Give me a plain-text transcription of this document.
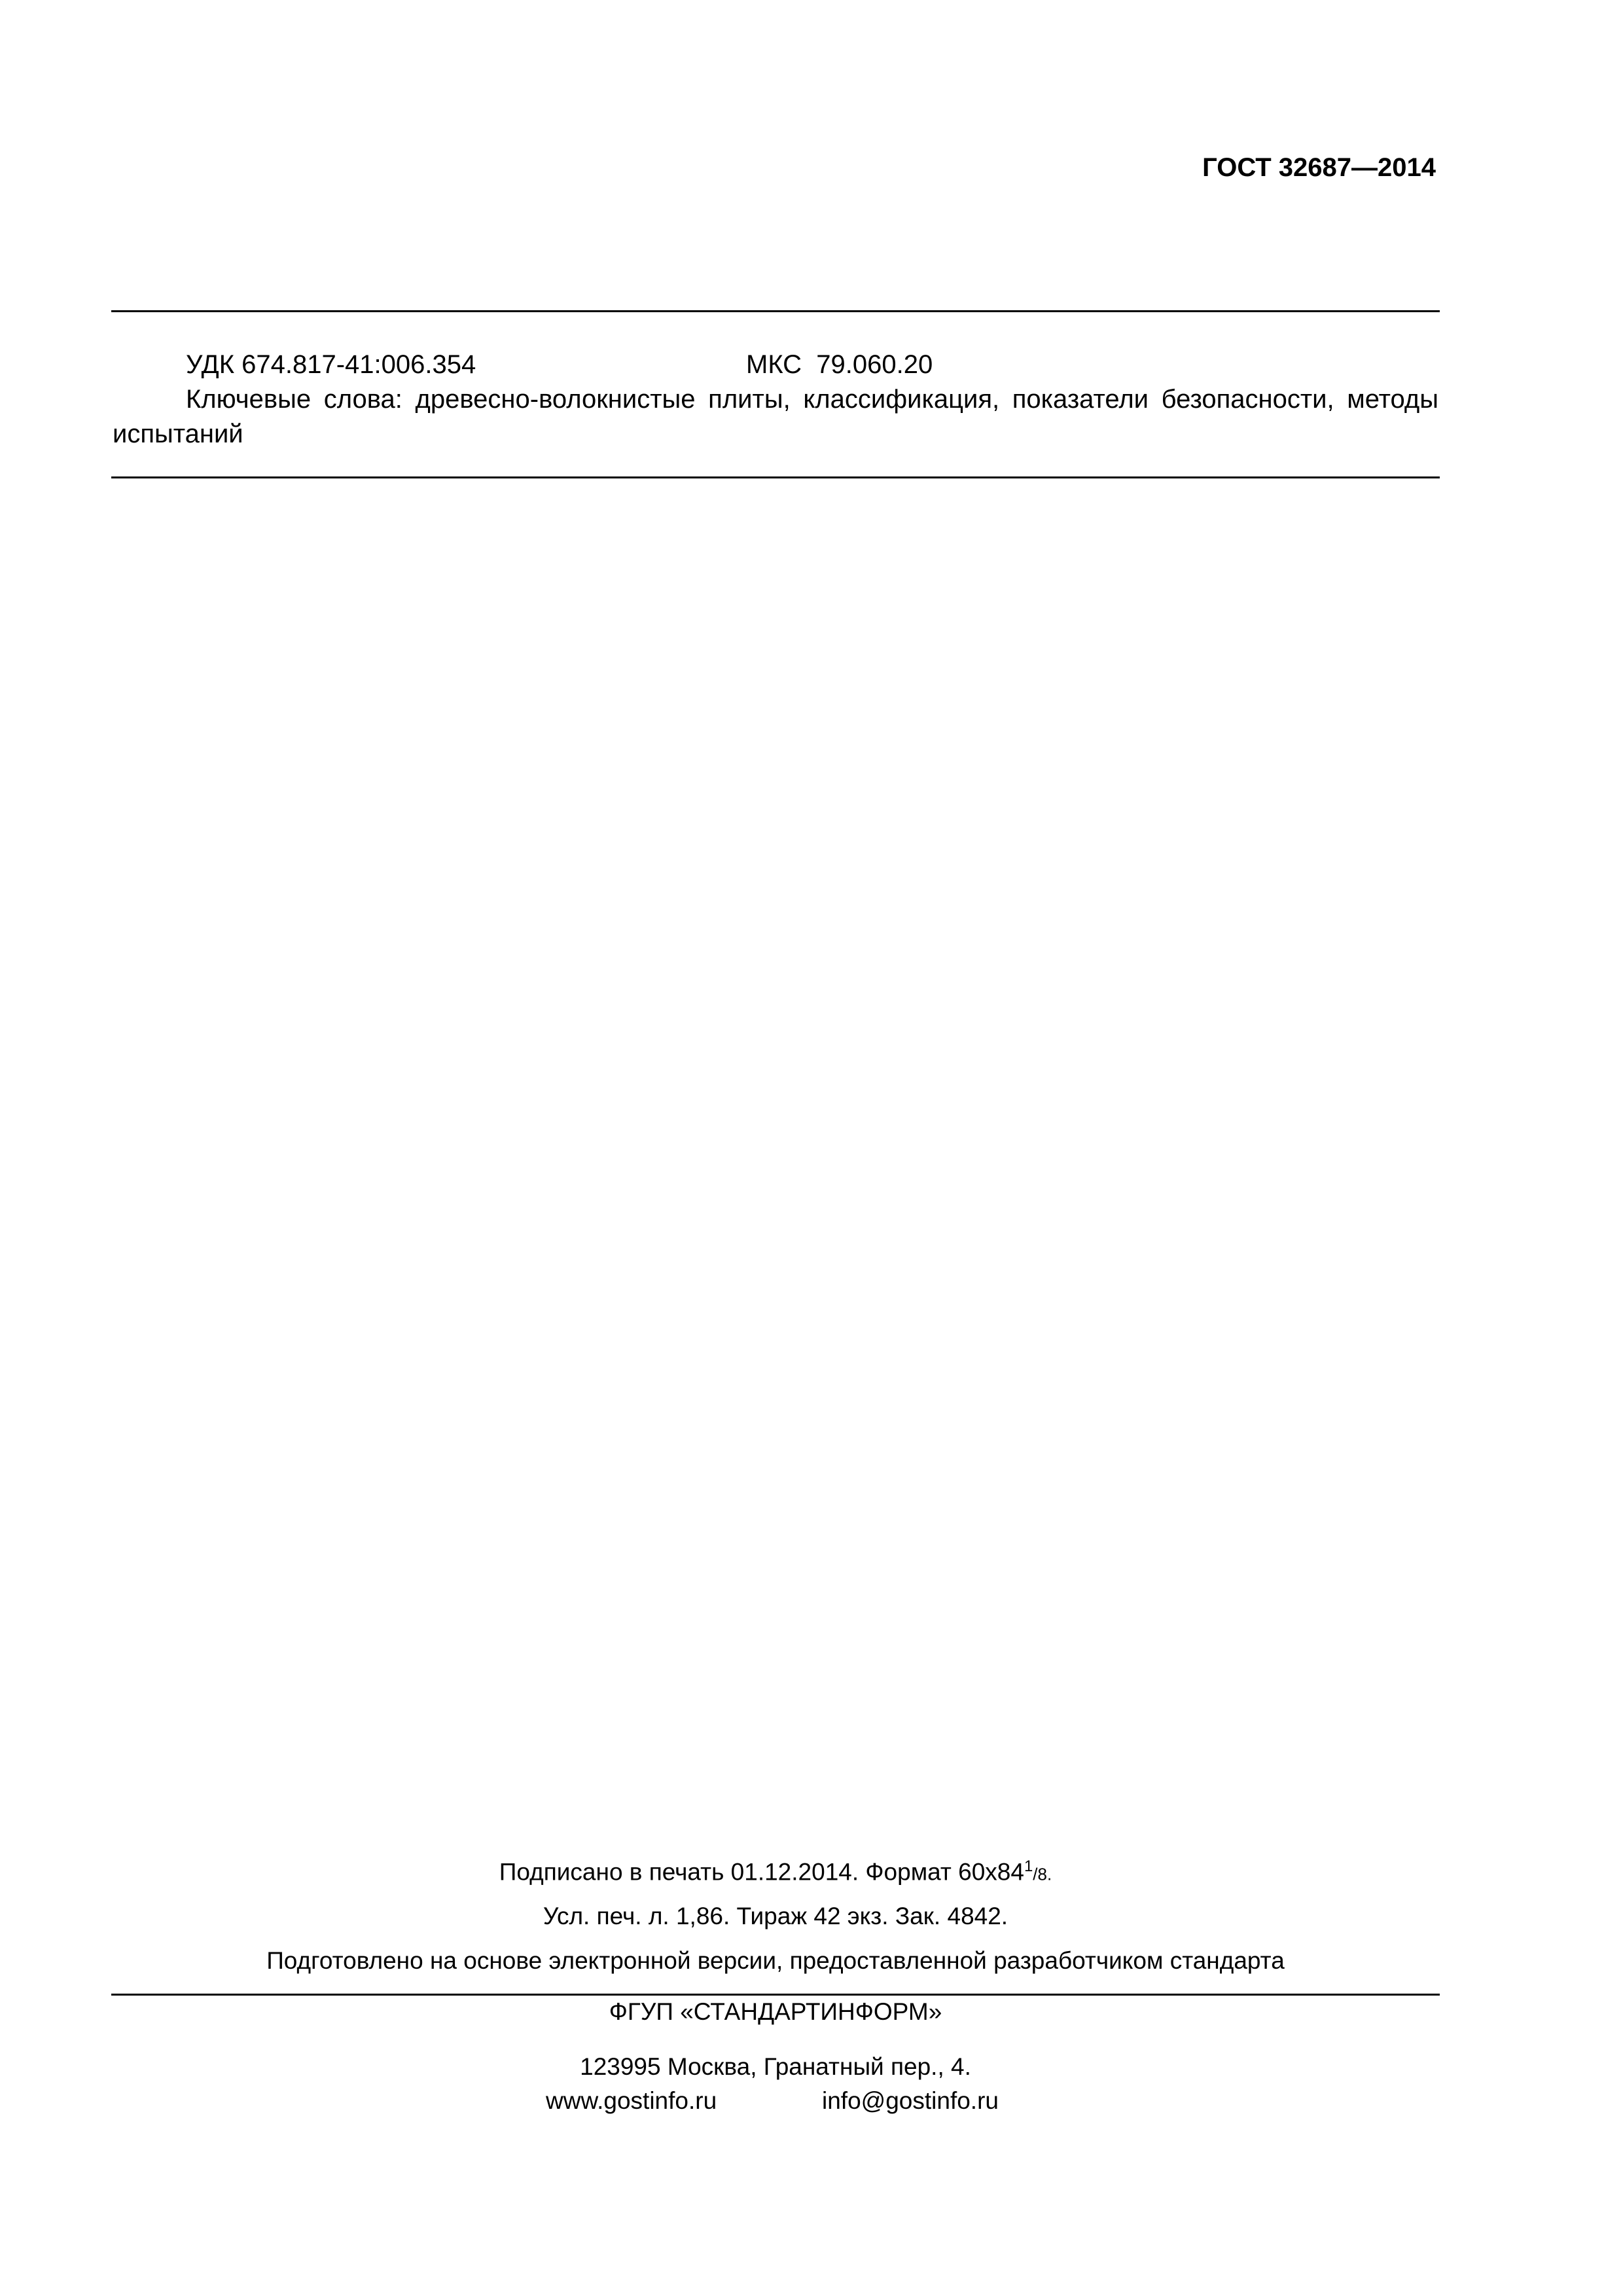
ГОСТ 32687—2014
УДК 674.817-41:006.354	МКС  79.060.20
Ключевые слова: древесно-волокнистые плиты, классификация, показатели безопасности, методы испытаний
Подписано в печать 01.12.2014. Формат $60x84^1/8$.
Усл. печ. л. 1,86. Тираж 42 экз. Зак. 4842.
Подготовлено на основе электронной версии, предоставленной разработчиком стандарта
ФГУП «СТАНДАРТИНФОРМ»
123995 Москва, Гранатный пер., 4.
www.gostinfo.ru	info@gostinfo.ru
